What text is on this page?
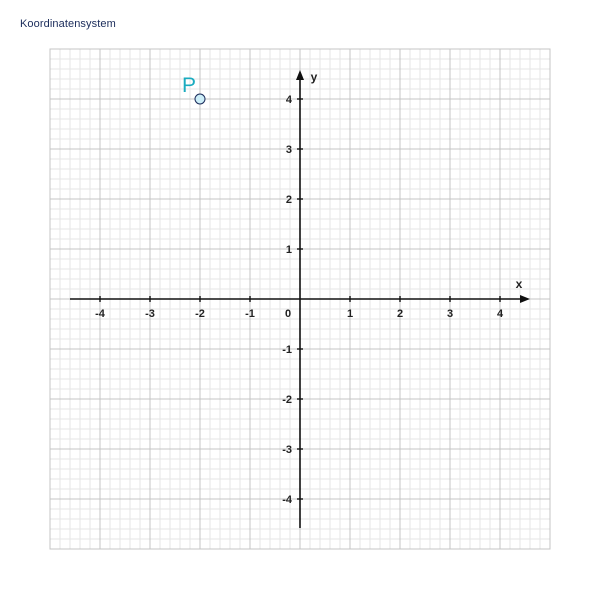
Koordinatensystem
x
y
-4	-3	-2	-1	0	1	2	3	4
-4
-3
-2
-1
1
2
3
4
P
